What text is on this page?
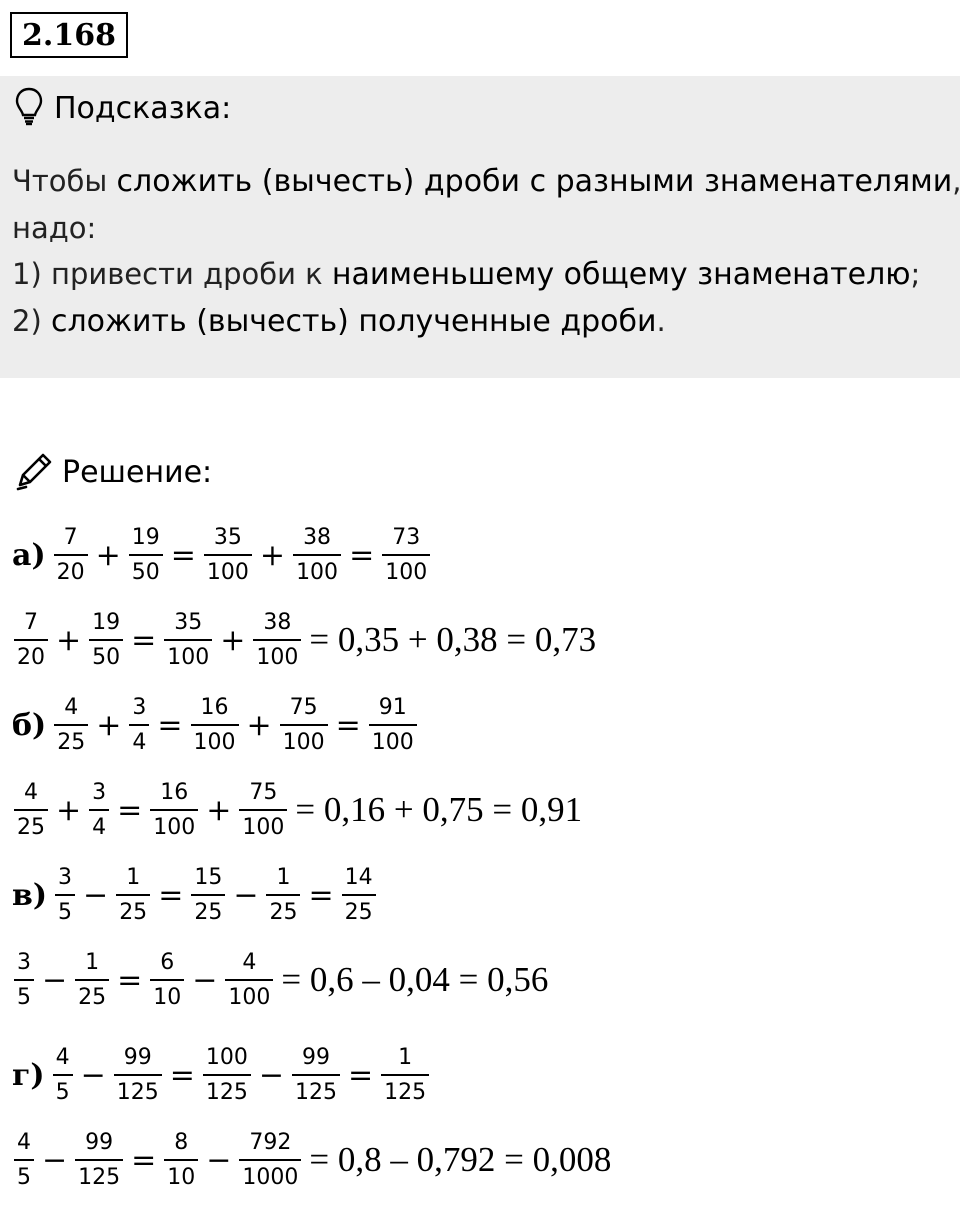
2.168
Подсказка:

Чтобы сложить (вычесть) дроби с разными знаменателями,

надо:

1) привести дроби к наименьшему общему знаменателю;

2) сложить (вычесть) полученные дроби.

Решение:
$а) \frac{7}{20} + \frac{19}{50} = \frac{35}{100} + \frac{38}{100} = \frac{73}{100}$
$\frac{7}{20} + \frac{19}{50} = \frac{35}{100} + \frac{38}{100} = 0,35 + 0,38 = 0,73$
$б) \frac{4}{25} + \frac{3}{4} = \frac{16}{100} + \frac{75}{100} = \frac{91}{100}$
$\frac{4}{25} + \frac{3}{4} = \frac{16}{100} + \frac{75}{100} = 0,16 + 0,75 = 0,91$
$в) \frac{3}{5} - \frac{1}{25} = \frac{15}{25} - \frac{1}{25} = \frac{14}{25}$
$\frac{3}{5} - \frac{1}{25} = \frac{6}{10} - \frac{4}{100} = 0,6 - 0,04 = 0,56$
$г) \frac{4}{5} - \frac{99}{125} = \frac{100}{125} - \frac{99}{125} = \frac{1}{125}$
$\frac{4}{5} - \frac{99}{125} = \frac{8}{10} - \frac{792}{1000} = 0,8 - 0,792 = 0,008$
